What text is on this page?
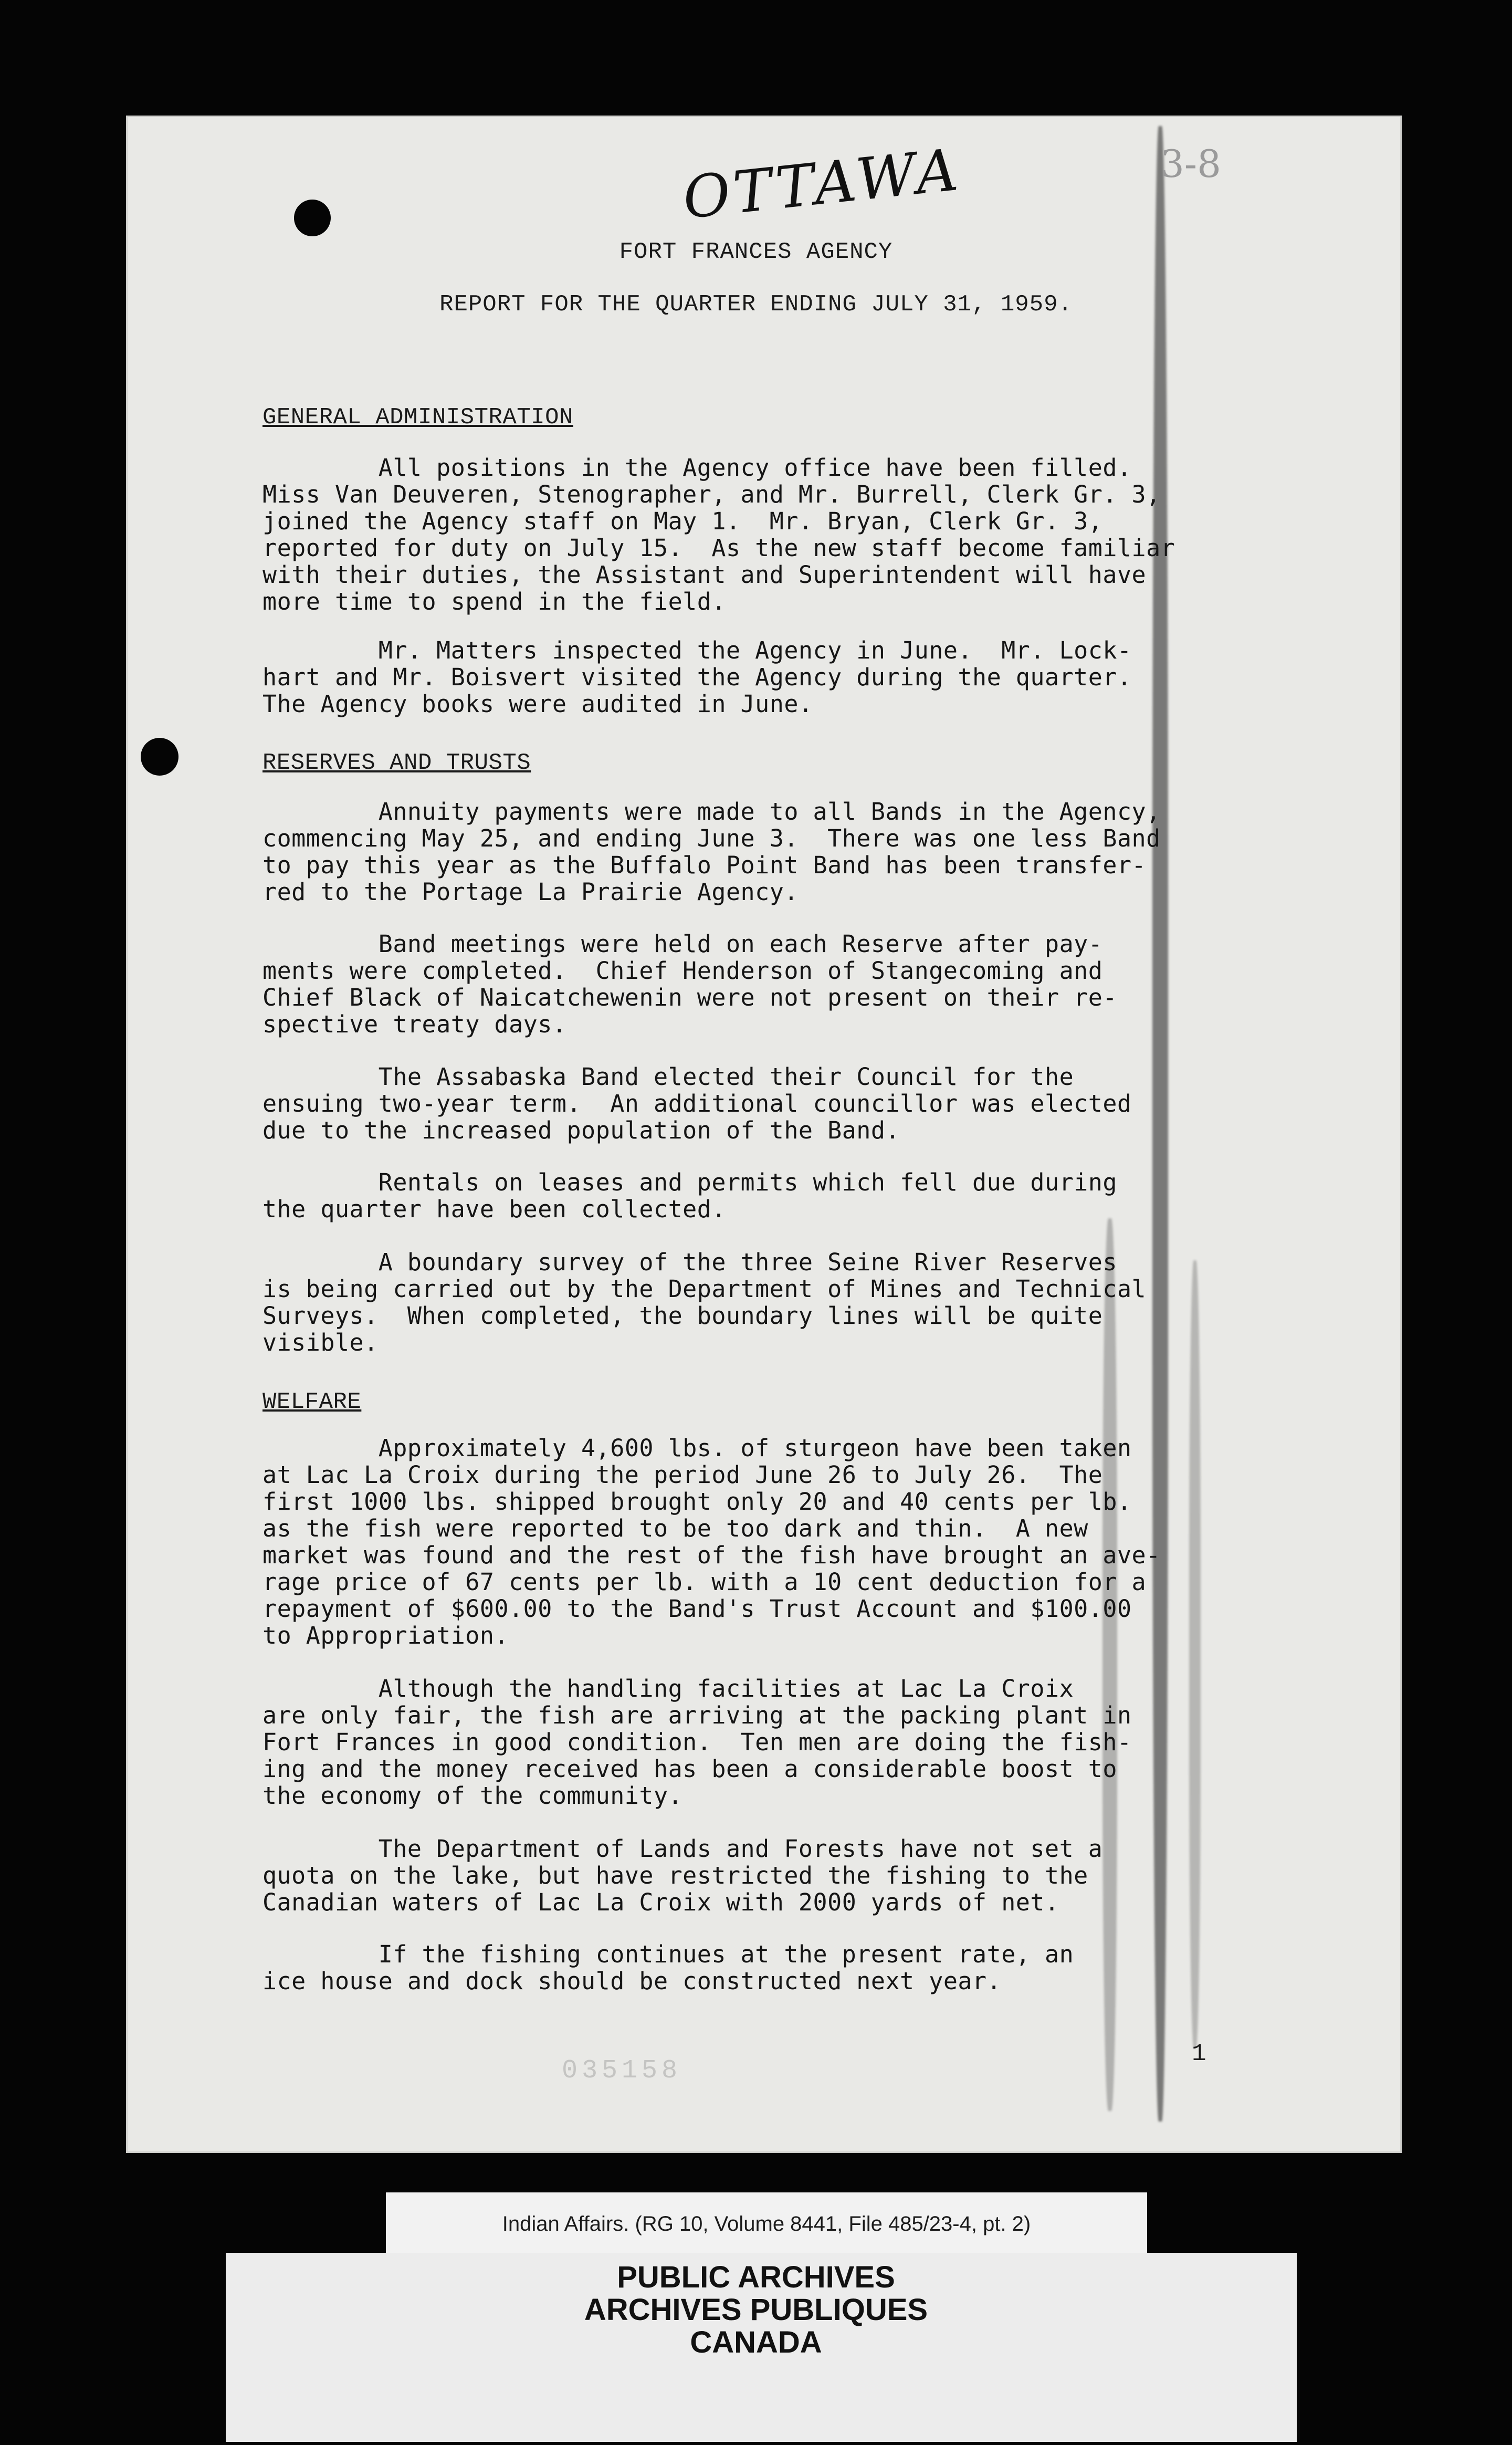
OTTAWA	3-8
FORT FRANCES AGENCY
REPORT FOR THE QUARTER ENDING JULY 31, 1959.
GENERAL ADMINISTRATION
All positions in the Agency office have been filled.
Miss Van Deuveren, Stenographer, and Mr. Burrell, Clerk Gr. 3,
joined the Agency staff on May 1.  Mr. Bryan, Clerk Gr. 3,
reported for duty on July 15.  As the new staff become familiar
with their duties, the Assistant and Superintendent will have
more time to spend in the field.
Mr. Matters inspected the Agency in June.  Mr. Lock-
hart and Mr. Boisvert visited the Agency during the quarter.
The Agency books were audited in June.
RESERVES AND TRUSTS
Annuity payments were made to all Bands in the Agency,
commencing May 25, and ending June 3.  There was one less Band
to pay this year as the Buffalo Point Band has been transfer-
red to the Portage La Prairie Agency.
Band meetings were held on each Reserve after pay-
ments were completed.  Chief Henderson of Stangecoming and
Chief Black of Naicatchewenin were not present on their re-
spective treaty days.
The Assabaska Band elected their Council for the
ensuing two-year term.  An additional councillor was elected
due to the increased population of the Band.
Rentals on leases and permits which fell due during
the quarter have been collected.
A boundary survey of the three Seine River Reserves
is being carried out by the Department of Mines and Technical
Surveys.  When completed, the boundary lines will be quite
visible.
WELFARE
Approximately 4,600 lbs. of sturgeon have been taken
at Lac La Croix during the period June 26 to July 26.  The
first 1000 lbs. shipped brought only 20 and 40 cents per lb.
as the fish were reported to be too dark and thin.  A new
market was found and the rest of the fish have brought an ave-
rage price of 67 cents per lb. with a 10 cent deduction for a
repayment of $600.00 to the Band's Trust Account and $100.00
to Appropriation.
Although the handling facilities at Lac La Croix
are only fair, the fish are arriving at the packing plant in
Fort Frances in good condition.  Ten men are doing the fish-
ing and the money received has been a considerable boost to
the economy of the community.
The Department of Lands and Forests have not set a
quota on the lake, but have restricted the fishing to the
Canadian waters of Lac La Croix with 2000 yards of net.
If the fishing continues at the present rate, an
ice house and dock should be constructed next year.
035158
1
Indian Affairs. (RG 10, Volume 8441, File 485/23-4, pt. 2)
PUBLIC ARCHIVES
ARCHIVES PUBLIQUES
CANADA
